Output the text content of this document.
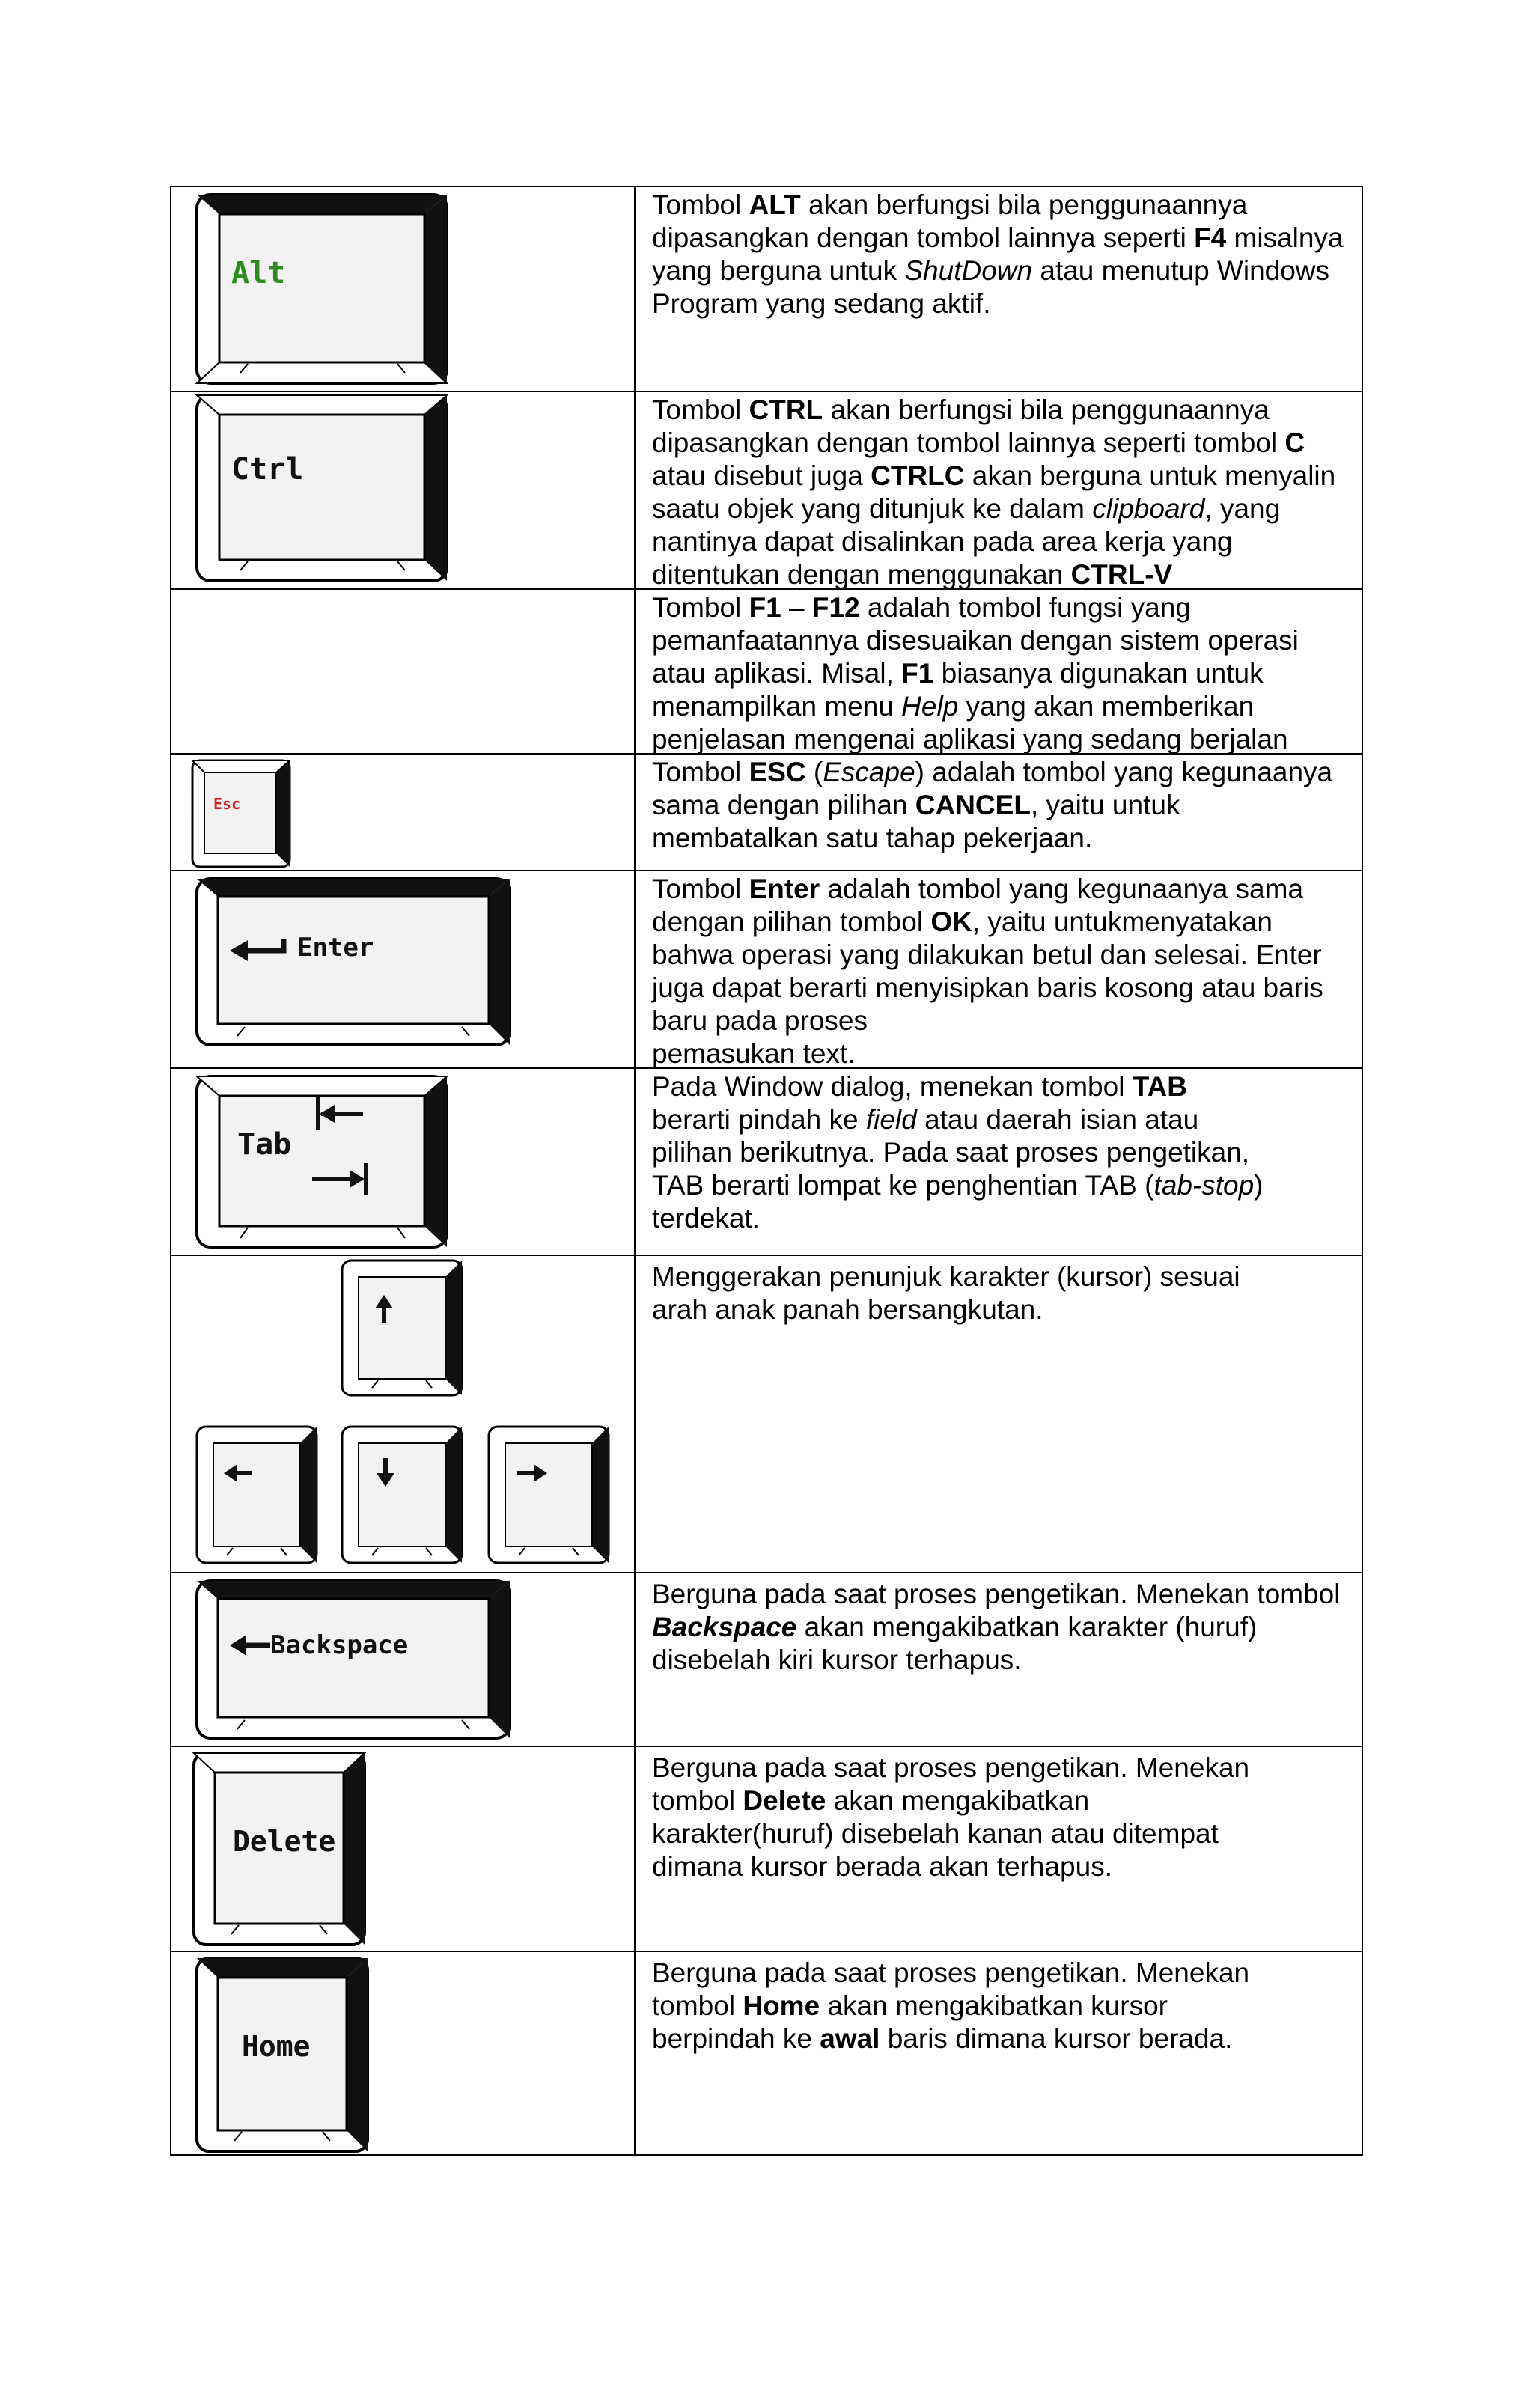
Alt

Tombol ALT akan berfungsi bila penggunaannya dipasangkan dengan tombol lainnya seperti F4 misalnya yang berguna untuk ShutDown atau menutup Windows Program yang sedang aktif.

Ctrl

Tombol CTRL akan berfungsi bila penggunaannya dipasangkan dengan tombol lainnya seperti tombol C atau disebut juga CTRLC akan berguna untuk menyalin saatu objek yang ditunjuk ke dalam clipboard, yang nantinya dapat disalinkan pada area kerja yang ditentukan dengan menggunakan CTRL-V

Tombol F1 – F12 adalah tombol fungsi yang pemanfaatannya disesuaikan dengan sistem operasi atau aplikasi. Misal, F1 biasanya digunakan untuk menampilkan menu Help yang akan memberikan penjelasan mengenai aplikasi yang sedang berjalan

Esc

Tombol ESC (Escape) adalah tombol yang kegunaanya sama dengan pilihan CANCEL, yaitu untuk membatalkan satu tahap pekerjaan.

Enter

Tombol Enter adalah tombol yang kegunaanya sama dengan pilihan tombol OK, yaitu untukmenyatakan bahwa operasi yang dilakukan betul dan selesai. Enter juga dapat berarti menyisipkan baris kosong atau baris baru pada proses
pemasukan text.

Tab

Pada Window dialog, menekan tombol TAB
berarti pindah ke field atau daerah isian atau
pilihan berikutnya. Pada saat proses pengetikan,
TAB berarti lompat ke penghentian TAB (tab-stop)
terdekat.

Menggerakan penunjuk karakter (kursor) sesuai
arah anak panah bersangkutan.

Backspace

Berguna pada saat proses pengetikan. Menekan tombol Backspace akan mengakibatkan karakter (huruf) disebelah kiri kursor terhapus.

Delete

Berguna pada saat proses pengetikan. Menekan
tombol Delete akan mengakibatkan
karakter(huruf) disebelah kanan atau ditempat
dimana kursor berada akan terhapus.

Home

Berguna pada saat proses pengetikan. Menekan
tombol Home akan mengakibatkan kursor
berpindah ke awal baris dimana kursor berada.
